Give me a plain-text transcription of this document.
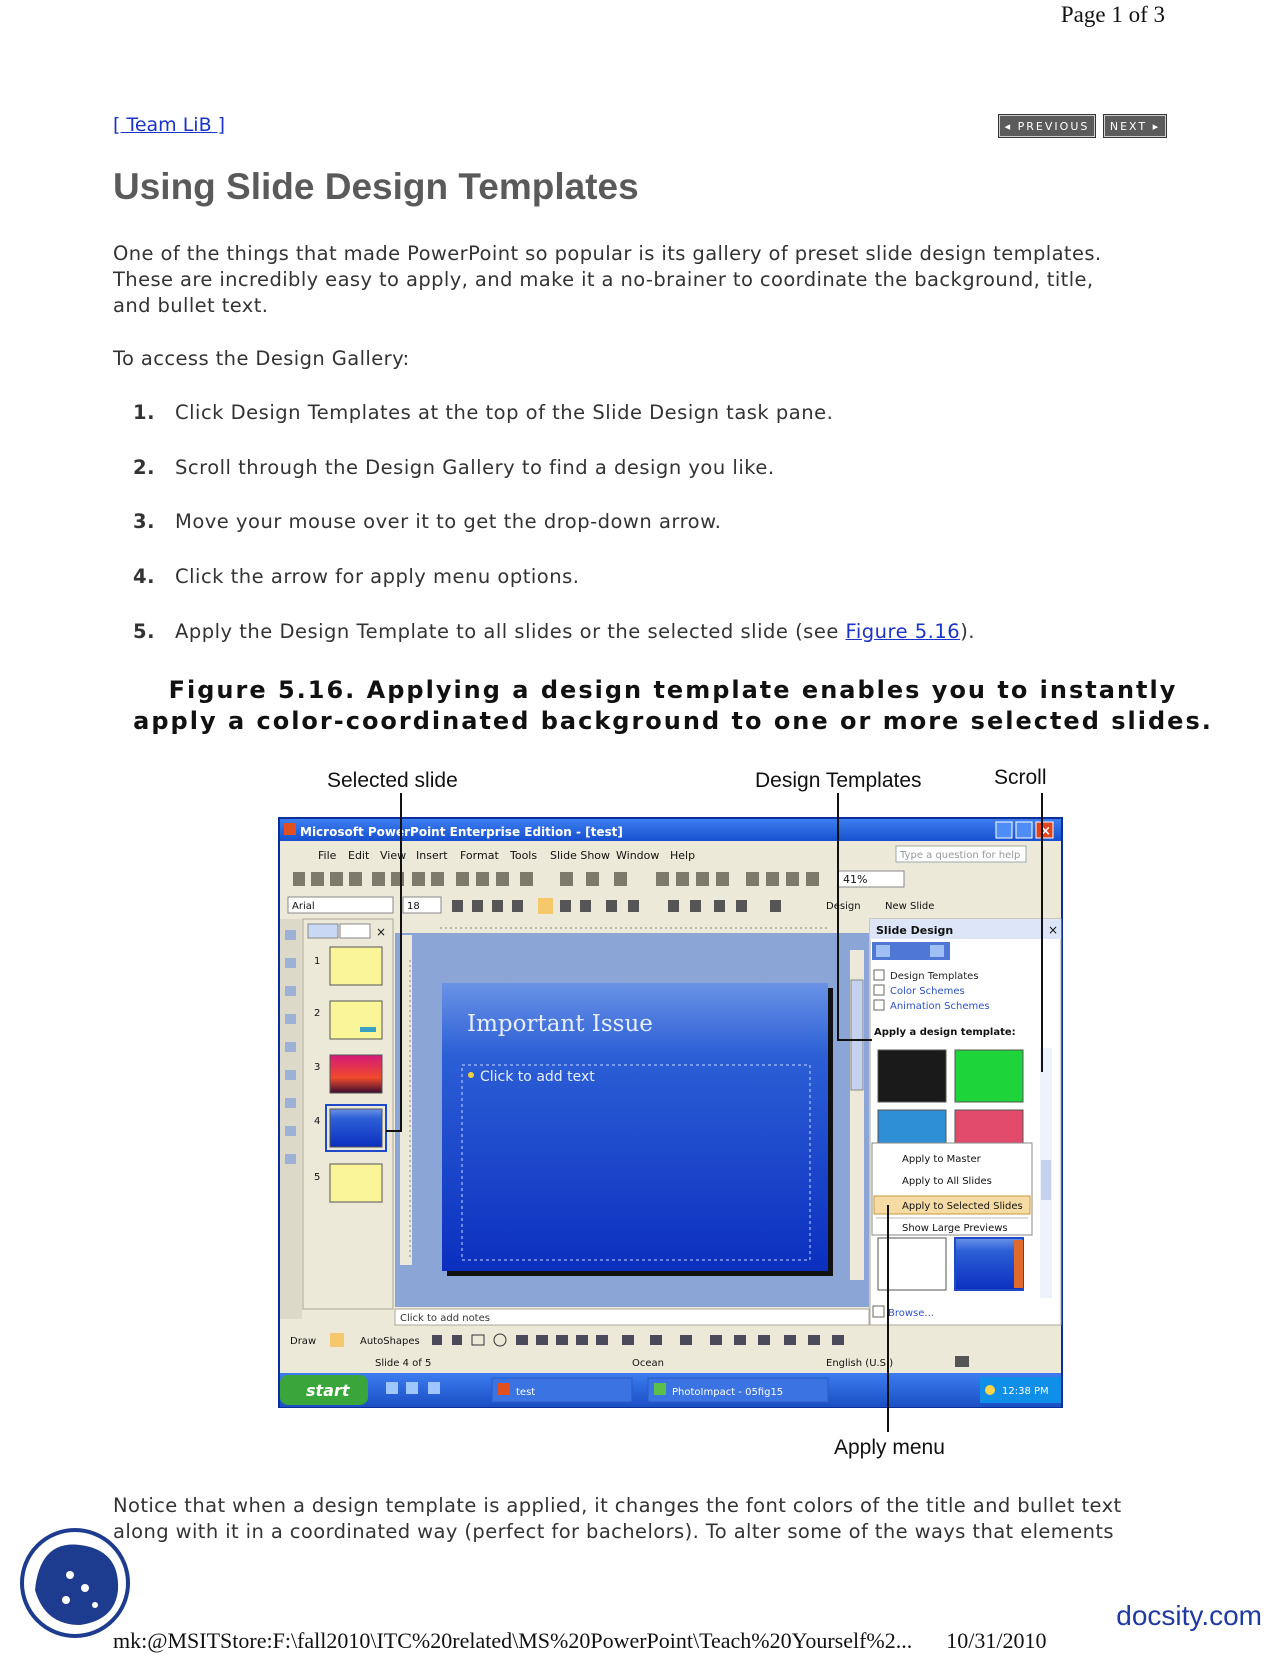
Page 1 of 3
[ Team LiB ]	◂ PREVIOUS	NEXT ▸
Using Slide Design Templates
One of the things that made PowerPoint so popular is its gallery of preset slide design templates.
These are incredibly easy to apply, and make it a no-brainer to coordinate the background, title,
and bullet text.
To access the Design Gallery:
1. Click Design Templates at the top of the Slide Design task pane.
2. Scroll through the Design Gallery to find a design you like.
3. Move your mouse over it to get the drop-down arrow.
4. Click the arrow for apply menu options.
5. Apply the Design Template to all slides or the selected slide (see Figure 5.16).
Figure 5.16. Applying a design template enables you to instantly
apply a color-coordinated background to one or more selected slides.
Selected slide	Design Templates	Scroll
Apply menu
Microsoft PowerPoint Enterprise Edition - [test]	×
File Edit View Insert Format Tools Slide Show Window Help	Type a question for help
41%
Arial	18	Design New Slide
×
1
2
3
4
5
Important Issue
Click to add text
Click to add notes
Slide Design	×
Design Templates
Color Schemes
Animation Schemes
Apply a design template:
Browse...
Apply to Master
Apply to All Slides
Apply to Selected Slides
Show Large Previews
Draw	AutoShapes
Slide 4 of 5	Ocean	English (U.S.)
start	test	PhotoImpact - 05fig15	12:38 PM
Notice that when a design template is applied, it changes the font colors of the title and bullet text
along with it in a coordinated way (perfect for bachelors). To alter some of the ways that elements
docsity.com
mk:@MSITStore:F:\fall2010\ITC%20related\MS%20PowerPoint\Teach%20Yourself%2... 10/31/2010
